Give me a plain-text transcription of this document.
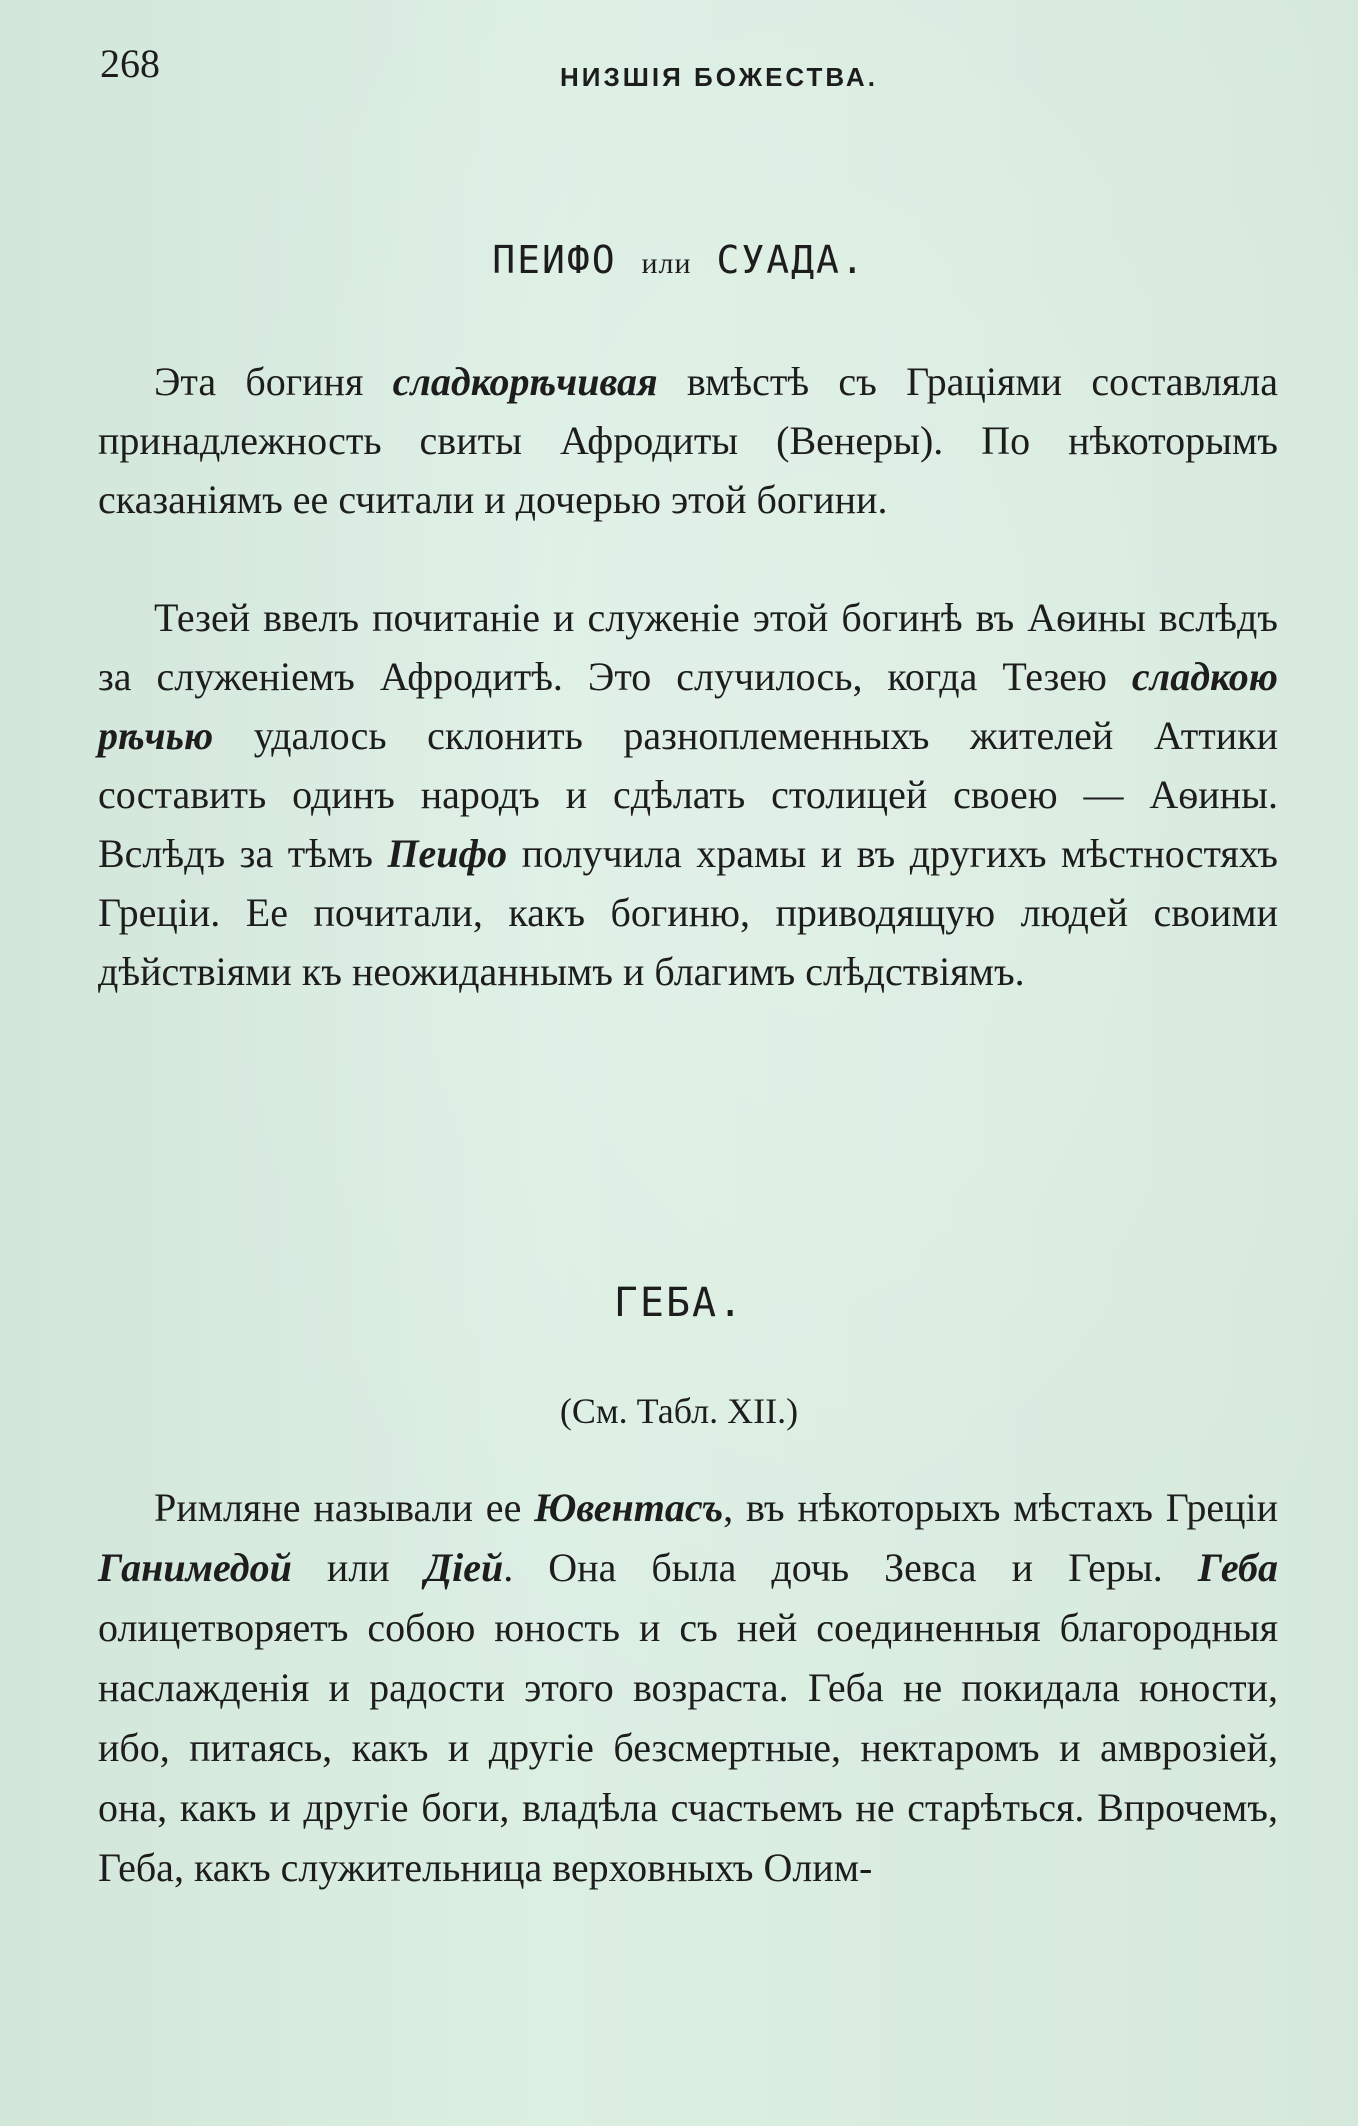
268	НИЗШІЯ БОЖЕСТВА.
ПЕИФО или СУАДА.

Эта богиня сладкорѣчивая вмѣстѣ съ Граціями составляла принадлежность свиты Афродиты (Венеры). По нѣкоторымъ сказаніямъ ее считали и дочерью этой богини.

Тезей ввелъ почитаніе и служеніе этой богинѣ въ Аѳины вслѣдъ за служеніемъ Афродитѣ. Это случилось, когда Тезею сладкою рѣчью удалось склонить разноплеменныхъ жителей Аттики составить одинъ народъ и сдѣлать столицей своею — Аѳины. Вслѣдъ за тѣмъ Пеифо получила храмы и въ другихъ мѣстностяхъ Греціи. Ее почитали, какъ богиню, приводящую людей своими дѣйствіями къ неожиданнымъ и благимъ слѣдствіямъ.

ГЕБА.
(См. Табл. XII.)

Римляне называли ее Ювентасъ, въ нѣкоторыхъ мѣстахъ Греціи Ганимедой или Діей. Она была дочь Зевса и Геры. Геба олицетворяетъ собою юность и съ ней соединенныя благородныя наслажденія и радости этого возраста. Геба не покидала юности, ибо, питаясь, какъ и другіе безсмертные, нектаромъ и амврозіей, она, какъ и другіе боги, владѣла счастьемъ не старѣться. Впрочемъ, Геба, какъ служительница верховныхъ Олим-
